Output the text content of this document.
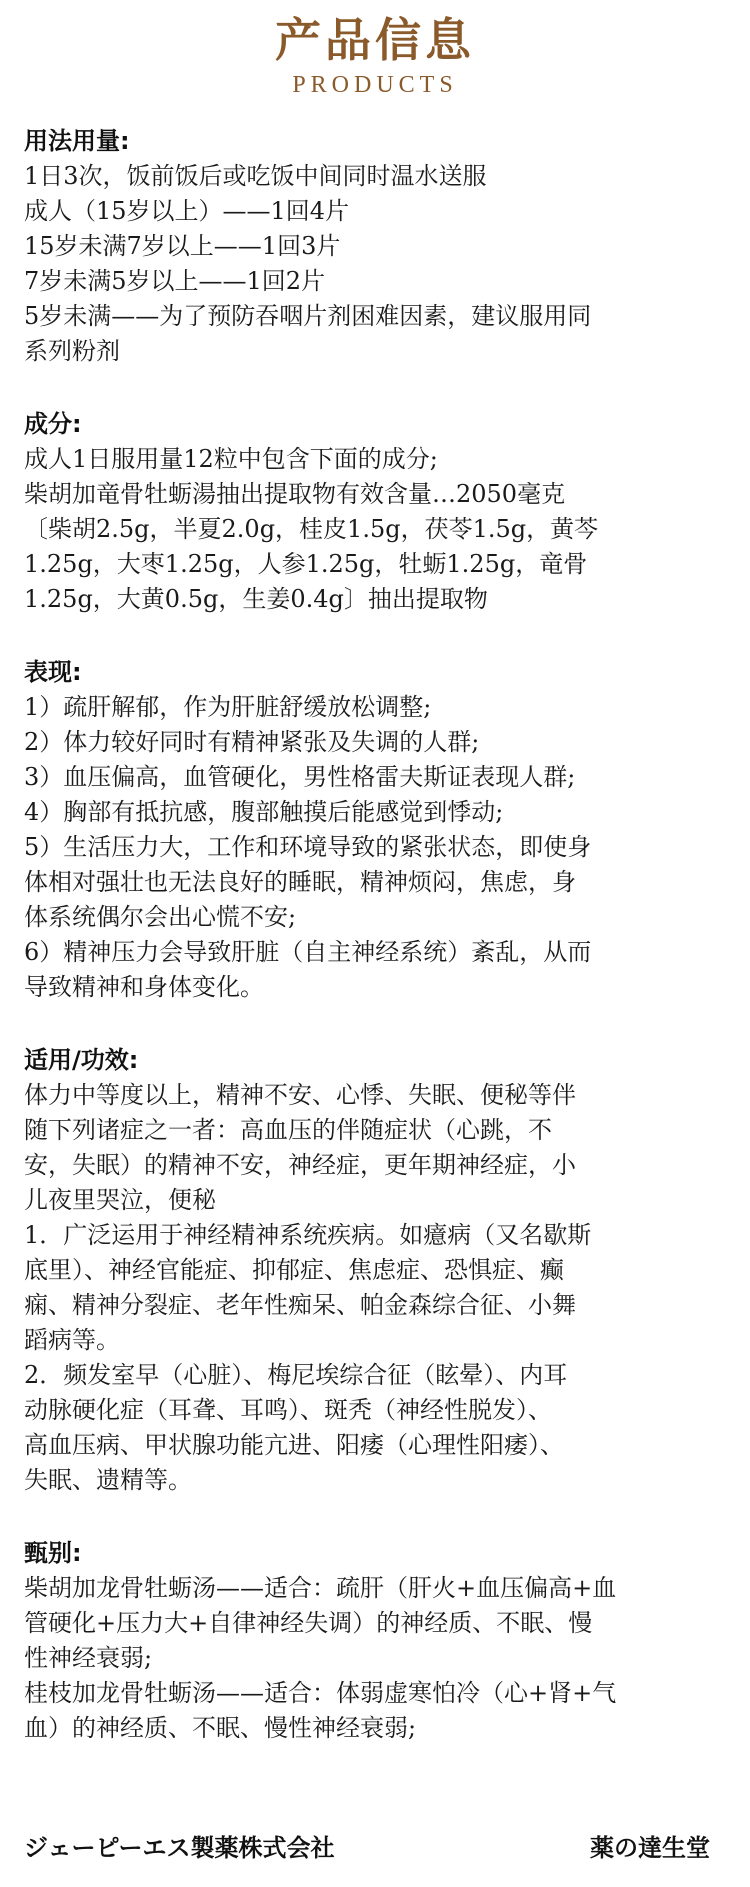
产品信息
PRODUCTS
用法用量:
1日3次，饭前饭后或吃饭中间同时温水送服
成人（15岁以上）——1回4片
15岁未满7岁以上——1回3片
7岁未满5岁以上——1回2片
5岁未满——为了预防吞咽片剂困难因素，建议服用同
系列粉剂
成分:
成人1日服用量12粒中包含下面的成分;
柴胡加竜骨牡蛎湯抽出提取物有效含量…2050毫克
〔柴胡2.5g，半夏2.0g，桂皮1.5g，茯苓1.5g，黄芩
1.25g，大枣1.25g，人参1.25g，牡蛎1.25g，竜骨
1.25g，大黄0.5g，生姜0.4g〕抽出提取物
表现:
1）疏肝解郁，作为肝脏舒缓放松调整;
2）体力较好同时有精神紧张及失调的人群;
3）血压偏高，血管硬化，男性格雷夫斯证表现人群;
4）胸部有抵抗感，腹部触摸后能感觉到悸动;
5）生活压力大，工作和环境导致的紧张状态，即使身
体相对强壮也无法良好的睡眠，精神烦闷，焦虑，身
体系统偶尔会出心慌不安;
6）精神压力会导致肝脏（自主神经系统）紊乱，从而
导致精神和身体变化。
适用/功效:
体力中等度以上，精神不安、心悸、失眠、便秘等伴
随下列诸症之一者：高血压的伴随症状（心跳，不
安，失眠）的精神不安，神经症，更年期神经症，小
儿夜里哭泣，便秘
1．广泛运用于神经精神系统疾病。如癔病（又名歇斯
底里）、神经官能症、抑郁症、焦虑症、恐惧症、癫
痫、精神分裂症、老年性痴呆、帕金森综合征、小舞
蹈病等。
2．频发室早（心脏）、梅尼埃综合征（眩晕）、内耳
动脉硬化症（耳聋、耳鸣）、斑秃（神经性脱发）、
高血压病、甲状腺功能亢进、阳痿（心理性阳痿）、
失眠、遗精等。
甄别:
柴胡加龙骨牡蛎汤——适合：疏肝（肝火+血压偏高+血
管硬化+压力大+自律神经失调）的神经质、不眠、慢
性神经衰弱;
桂枝加龙骨牡蛎汤——适合：体弱虚寒怕冷（心+肾+气
血）的神经质、不眠、慢性神经衰弱;
ジェーピーエス製薬株式会社	薬の達生堂
